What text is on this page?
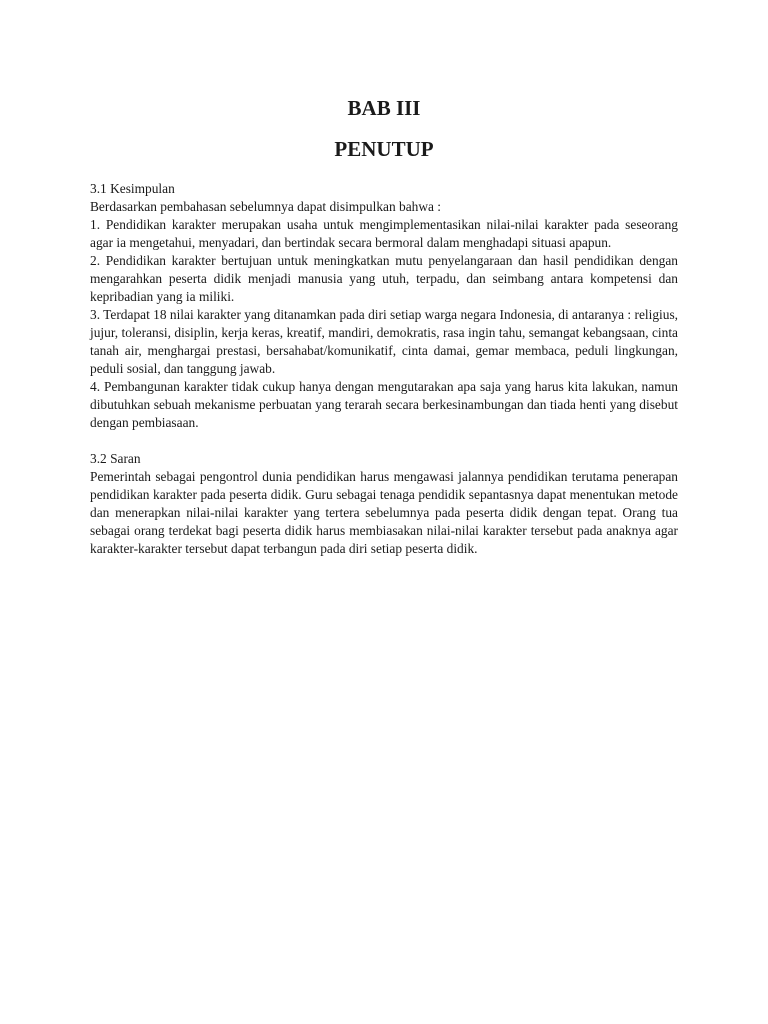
BAB III
PENUTUP

3.1 Kesimpulan

Berdasarkan pembahasan sebelumnya dapat disimpulkan bahwa :

1. Pendidikan karakter merupakan usaha untuk mengimplementasikan nilai-nilai karakter pada seseorang agar ia mengetahui, menyadari, dan bertindak secara bermoral dalam menghadapi situasi apapun.

2. Pendidikan karakter bertujuan untuk meningkatkan mutu penyelangaraan dan hasil pendidikan dengan mengarahkan peserta didik menjadi manusia yang utuh, terpadu, dan seimbang antara kompetensi dan kepribadian yang ia miliki.

3. Terdapat 18 nilai karakter yang ditanamkan pada diri setiap warga negara Indonesia, di antaranya : religius, jujur, toleransi, disiplin, kerja keras, kreatif, mandiri, demokratis, rasa ingin tahu, semangat kebangsaan, cinta tanah air, menghargai prestasi, bersahabat/komunikatif, cinta damai, gemar membaca, peduli lingkungan, peduli sosial, dan tanggung jawab.

4. Pembangunan karakter tidak cukup hanya dengan mengutarakan apa saja yang harus kita lakukan, namun dibutuhkan sebuah mekanisme perbuatan yang terarah secara berkesinambungan dan tiada henti yang disebut dengan pembiasaan.

3.2 Saran

Pemerintah sebagai pengontrol dunia pendidikan harus mengawasi jalannya pendidikan terutama penerapan pendidikan karakter pada peserta didik. Guru sebagai tenaga pendidik sepantasnya dapat menentukan metode dan menerapkan nilai-nilai karakter yang tertera sebelumnya pada peserta didik dengan tepat. Orang tua sebagai orang terdekat bagi peserta didik harus membiasakan nilai-nilai karakter tersebut pada anaknya agar karakter-karakter tersebut dapat terbangun pada diri setiap peserta didik.
